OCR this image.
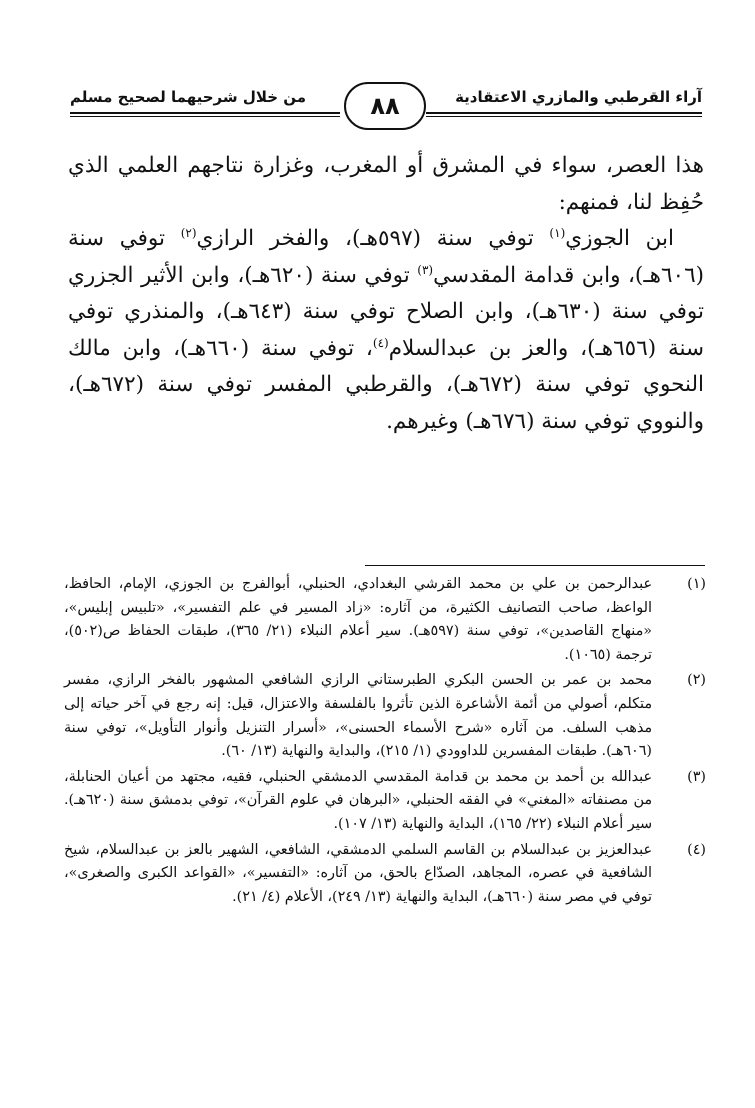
آراء القرطبي والمازري الاعتقادية
٨٨
من خلال شرحيهما لصحيح مسلم

هذا العصر، سواء في المشرق أو المغرب، وغزارة نتاجهم العلمي الذي حُفِظ لنا، فمنهم:

ابن الجوزي$^{(١)}$ توفي سنة (٥٩٧هـ)، والفخر الرازي$^{(٢)}$ توفي سنة (٦٠٦هـ)، وابن قدامة المقدسي$^{(٣)}$ توفي سنة (٦٢٠هـ)، وابن الأثير الجزري توفي سنة (٦٣٠هـ)، وابن الصلاح توفي سنة (٦٤٣هـ)، والمنذري توفي سنة (٦٥٦هـ)، والعز بن عبدالسلام$^{(٤)}$، توفي سنة (٦٦٠هـ)، وابن مالك النحوي توفي سنة (٦٧٢هـ)، والقرطبي المفسر توفي سنة (٦٧٢هـ)، والنووي توفي سنة (٦٧٦هـ) وغيرهم.

(١)
عبدالرحمن بن علي بن محمد القرشي البغدادي، الحنبلي، أبوالفرج بن الجوزي، الإمام، الحافظ، الواعظ، صاحب التصانيف الكثيرة، من آثاره: «زاد المسير في علم التفسير»، «تلبيس إبليس»، «منهاج القاصدين»، توفي سنة (٥٩٧هـ). سير أعلام النبلاء (٢١/ ٣٦٥)، طبقات الحفاظ ص(٥٠٢)، ترجمة (١٠٦٥).
(٢)
محمد بن عمر بن الحسن البكري الطبرستاني الرازي الشافعي المشهور بالفخر الرازي، مفسر متكلم، أصولي من أئمة الأشاعرة الذين تأثروا بالفلسفة والاعتزال، قيل: إنه رجع في آخر حياته إلى مذهب السلف. من آثاره «شرح الأسماء الحسنى»، «أسرار التنزيل وأنوار التأويل»، توفي سنة (٦٠٦هـ). طبقات المفسرين للداوودي (١/ ٢١٥)، والبداية والنهاية (١٣/ ٦٠).
(٣)
عبدالله بن أحمد بن محمد بن قدامة المقدسي الدمشقي الحنبلي، فقيه، مجتهد من أعيان الحنابلة، من مصنفاته «المغني» في الفقه الحنبلي، «البرهان في علوم القرآن»، توفي بدمشق سنة (٦٢٠هـ). سير أعلام النبلاء (٢٢/ ١٦٥)، البداية والنهاية (١٣/ ١٠٧).
(٤)
عبدالعزيز بن عبدالسلام بن القاسم السلمي الدمشقي، الشافعي، الشهير بالعز بن عبدالسلام، شيخ الشافعية في عصره، المجاهد، الصدّاع بالحق، من آثاره: «التفسير»، «القواعد الكبرى والصغرى»، توفي في مصر سنة (٦٦٠هـ)، البداية والنهاية (١٣/ ٢٤٩)، الأعلام (٤/ ٢١).
